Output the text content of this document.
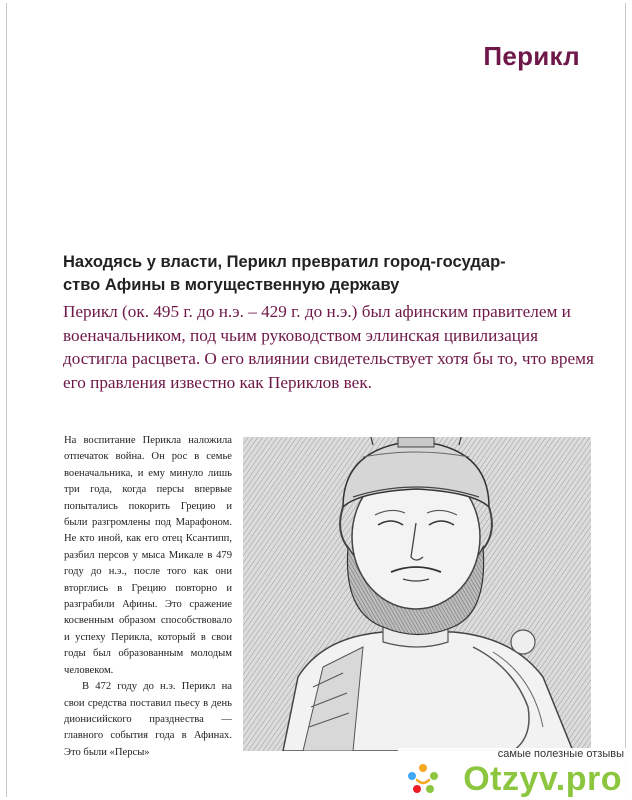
Перикл
Находясь у власти, Перикл превратил город-государ-
ство Афины в могущественную державу

Перикл (ок. 495 г. до н.э. – 429 г. до н.э.) был афинским правителем и военачальником, под чьим руководством эллинская цивилизация достигла расцвета. О его влиянии свидетельствует хотя бы то, что время его правления известно как Периклов век.

На воспитание Перикла наложила отпечаток война. Он рос в семье военачальника, и ему минуло лишь три года, когда персы впервые попытались покорить Грецию и были разгромлены под Марафоном. Не кто иной, как его отец Ксантипп, разбил персов у мыса Микале в 479 году до н.э., после того как они вторглись в Грецию повторно и разграбили Афины. Это сражение косвенным образом способствовало и успеху Перикла, который в свои годы был образованным молодым человеком.

В 472 году до н.э. Перикл на свои средства поставил пьесу в день дионисийского празднества — главного события года в Афинах. Это были «Персы»	самые полезные отзывы

Otzyv.pro
